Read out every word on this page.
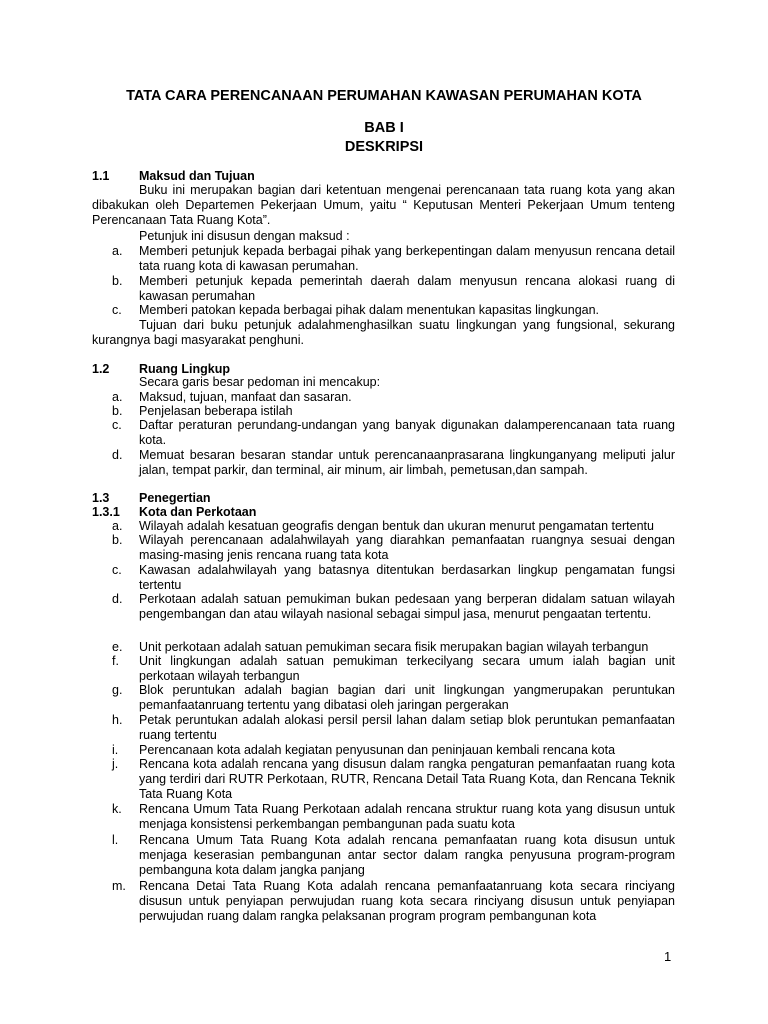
TATA CARA PERENCANAAN PERUMAHAN KAWASAN PERUMAHAN KOTA
BAB I
DESKRIPSI
1.1 Maksud dan Tujuan

Buku ini merupakan bagian dari ketentuan mengenai perencanaan tata ruang kota yang akan dibakukan oleh Departemen Pekerjaan Umum, yaitu “ Keputusan Menteri Pekerjaan Umum tenteng Perencanaan Tata Ruang Kota”.

Petunjuk ini disusun dengan maksud :
a. Memberi petunjuk kepada berbagai pihak yang berkepentingan dalam menyusun rencana detail tata ruang kota di kawasan perumahan.
b. Memberi petunjuk kepada pemerintah daerah dalam menyusun rencana alokasi ruang di kawasan perumahan
c. Memberi patokan kepada berbagai pihak dalam menentukan kapasitas lingkungan.

Tujuan dari buku petunjuk adalahmenghasilkan suatu lingkungan yang fungsional, sekurang kurangnya bagi masyarakat penghuni.

1.2 Ruang Lingkup
Secara garis besar pedoman ini mencakup:
a. Maksud, tujuan, manfaat dan sasaran.
b. Penjelasan beberapa istilah
c. Daftar peraturan perundang-undangan yang banyak digunakan dalamperencanaan tata ruang kota.
d. Memuat besaran besaran standar untuk perencanaanprasarana lingkunganyang meliputi jalur jalan, tempat parkir, dan terminal, air minum, air limbah, pemetusan,dan sampah.
1.3 Penegertian
1.3.1 Kota dan Perkotaan
a. Wilayah adalah kesatuan geografis dengan bentuk dan ukuran menurut pengamatan tertentu
b. Wilayah perencanaan adalahwilayah yang diarahkan pemanfaatan ruangnya sesuai dengan masing-masing jenis rencana ruang tata kota
c. Kawasan adalahwilayah yang batasnya ditentukan berdasarkan lingkup pengamatan fungsi tertentu
d. Perkotaan adalah satuan pemukiman bukan pedesaan yang berperan didalam satuan wilayah pengembangan dan atau wilayah nasional sebagai simpul jasa, menurut pengaatan tertentu.
e. Unit perkotaan adalah satuan pemukiman secara fisik merupakan bagian wilayah terbangun
f. Unit lingkungan adalah satuan pemukiman terkecilyang secara umum ialah bagian unit perkotaan wilayah terbangun
g. Blok peruntukan adalah bagian bagian dari unit lingkungan yangmerupakan peruntukan pemanfaatanruang tertentu yang dibatasi oleh jaringan pergerakan
h. Petak peruntukan adalah alokasi persil persil lahan dalam setiap blok peruntukan pemanfaatan ruang tertentu
i. Perencanaan kota adalah kegiatan penyusunan dan peninjauan kembali rencana kota
j. Rencana kota adalah rencana yang disusun dalam rangka pengaturan pemanfaatan ruang kota yang terdiri dari RUTR Perkotaan, RUTR, Rencana Detail Tata Ruang Kota, dan Rencana Teknik Tata Ruang Kota
k. Rencana Umum Tata Ruang Perkotaan adalah rencana struktur ruang kota yang disusun untuk menjaga konsistensi perkembangan pembangunan pada suatu kota
l. Rencana Umum Tata Ruang Kota adalah rencana pemanfaatan ruang kota disusun untuk menjaga keserasian pembangunan antar sector dalam rangka penyusuna program-program pembanguna kota dalam jangka panjang
m. Rencana Detai Tata Ruang Kota adalah rencana pemanfaatanruang kota secara rinciyang disusun untuk penyiapan perwujudan ruang kota secara rinciyang disusun untuk penyiapan perwujudan ruang dalam rangka pelaksanan program program pembangunan kota
1
